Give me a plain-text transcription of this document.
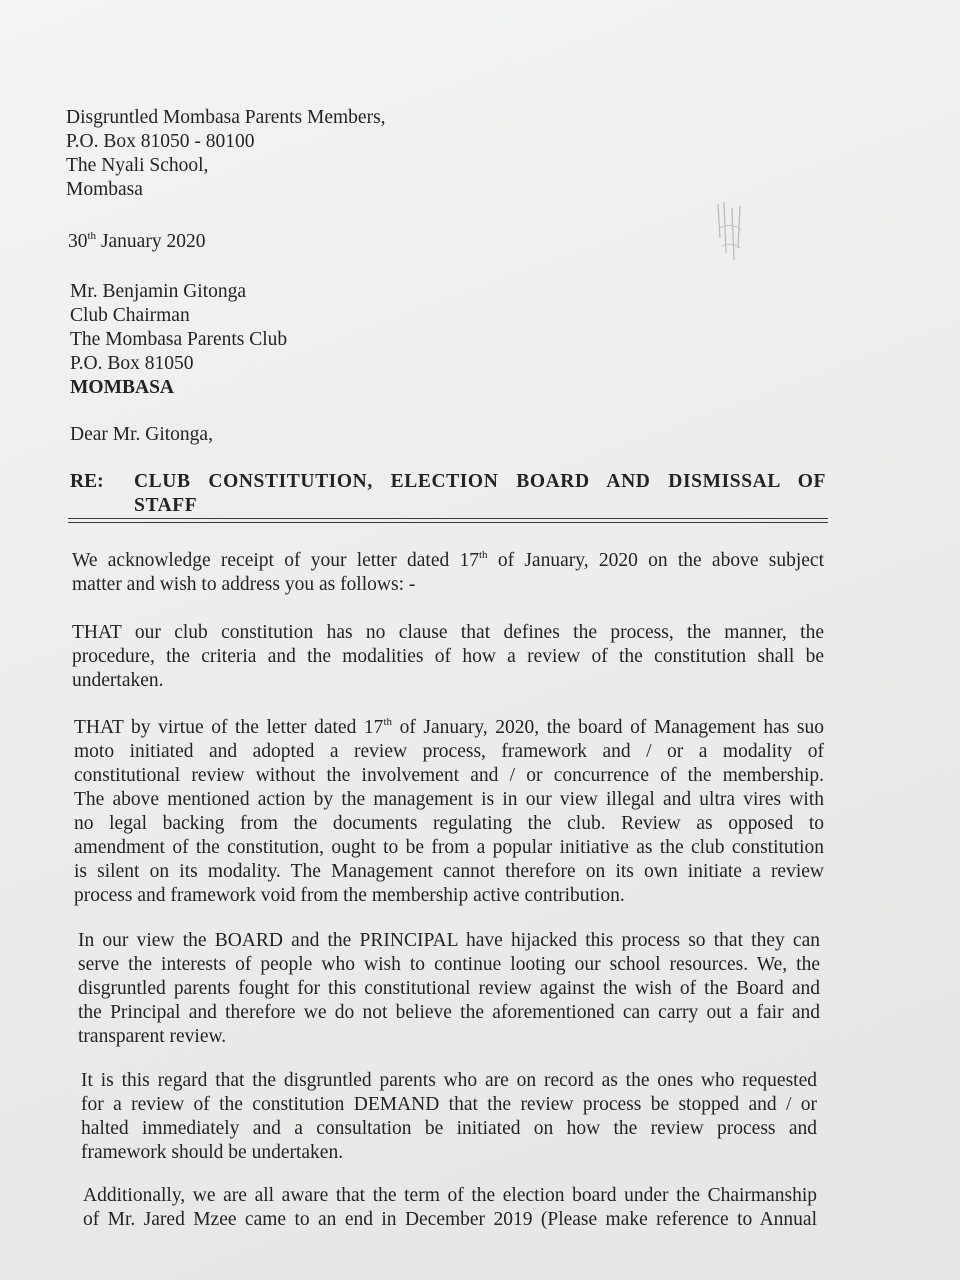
Disgruntled Mombasa Parents Members,
P.O. Box 81050 - 80100
The Nyali School,
Mombasa
30th January 2020
Mr. Benjamin Gitonga
Club Chairman
The Mombasa Parents Club
P.O. Box 81050
MOMBASA
Dear Mr. Gitonga,
RE: CLUB CONSTITUTION, ELECTION BOARD AND DISMISSAL OF
STAFF
We acknowledge receipt of your letter dated 17th of January, 2020 on the above subject
matter and wish to address you as follows: -
THAT our club constitution has no clause that defines the process, the manner, the
procedure, the criteria and the modalities of how a review of the constitution shall be
undertaken.
THAT by virtue of the letter dated 17th of January, 2020, the board of Management has suo
moto initiated and adopted a review process, framework and / or a modality of
constitutional review without the involvement and / or concurrence of the membership.
The above mentioned action by the management is in our view illegal and ultra vires with
no legal backing from the documents regulating the club. Review as opposed to
amendment of the constitution, ought to be from a popular initiative as the club constitution
is silent on its modality. The Management cannot therefore on its own initiate a review
process and framework void from the membership active contribution.
In our view the BOARD and the PRINCIPAL have hijacked this process so that they can
serve the interests of people who wish to continue looting our school resources. We, the
disgruntled parents fought for this constitutional review against the wish of the Board and
the Principal and therefore we do not believe the aforementioned can carry out a fair and
transparent review.
It is this regard that the disgruntled parents who are on record as the ones who requested
for a review of the constitution DEMAND that the review process be stopped and / or
halted immediately and a consultation be initiated on how the review process and
framework should be undertaken.
Additionally, we are all aware that the term of the election board under the Chairmanship
of Mr. Jared Mzee came to an end in December 2019 (Please make reference to Annual
